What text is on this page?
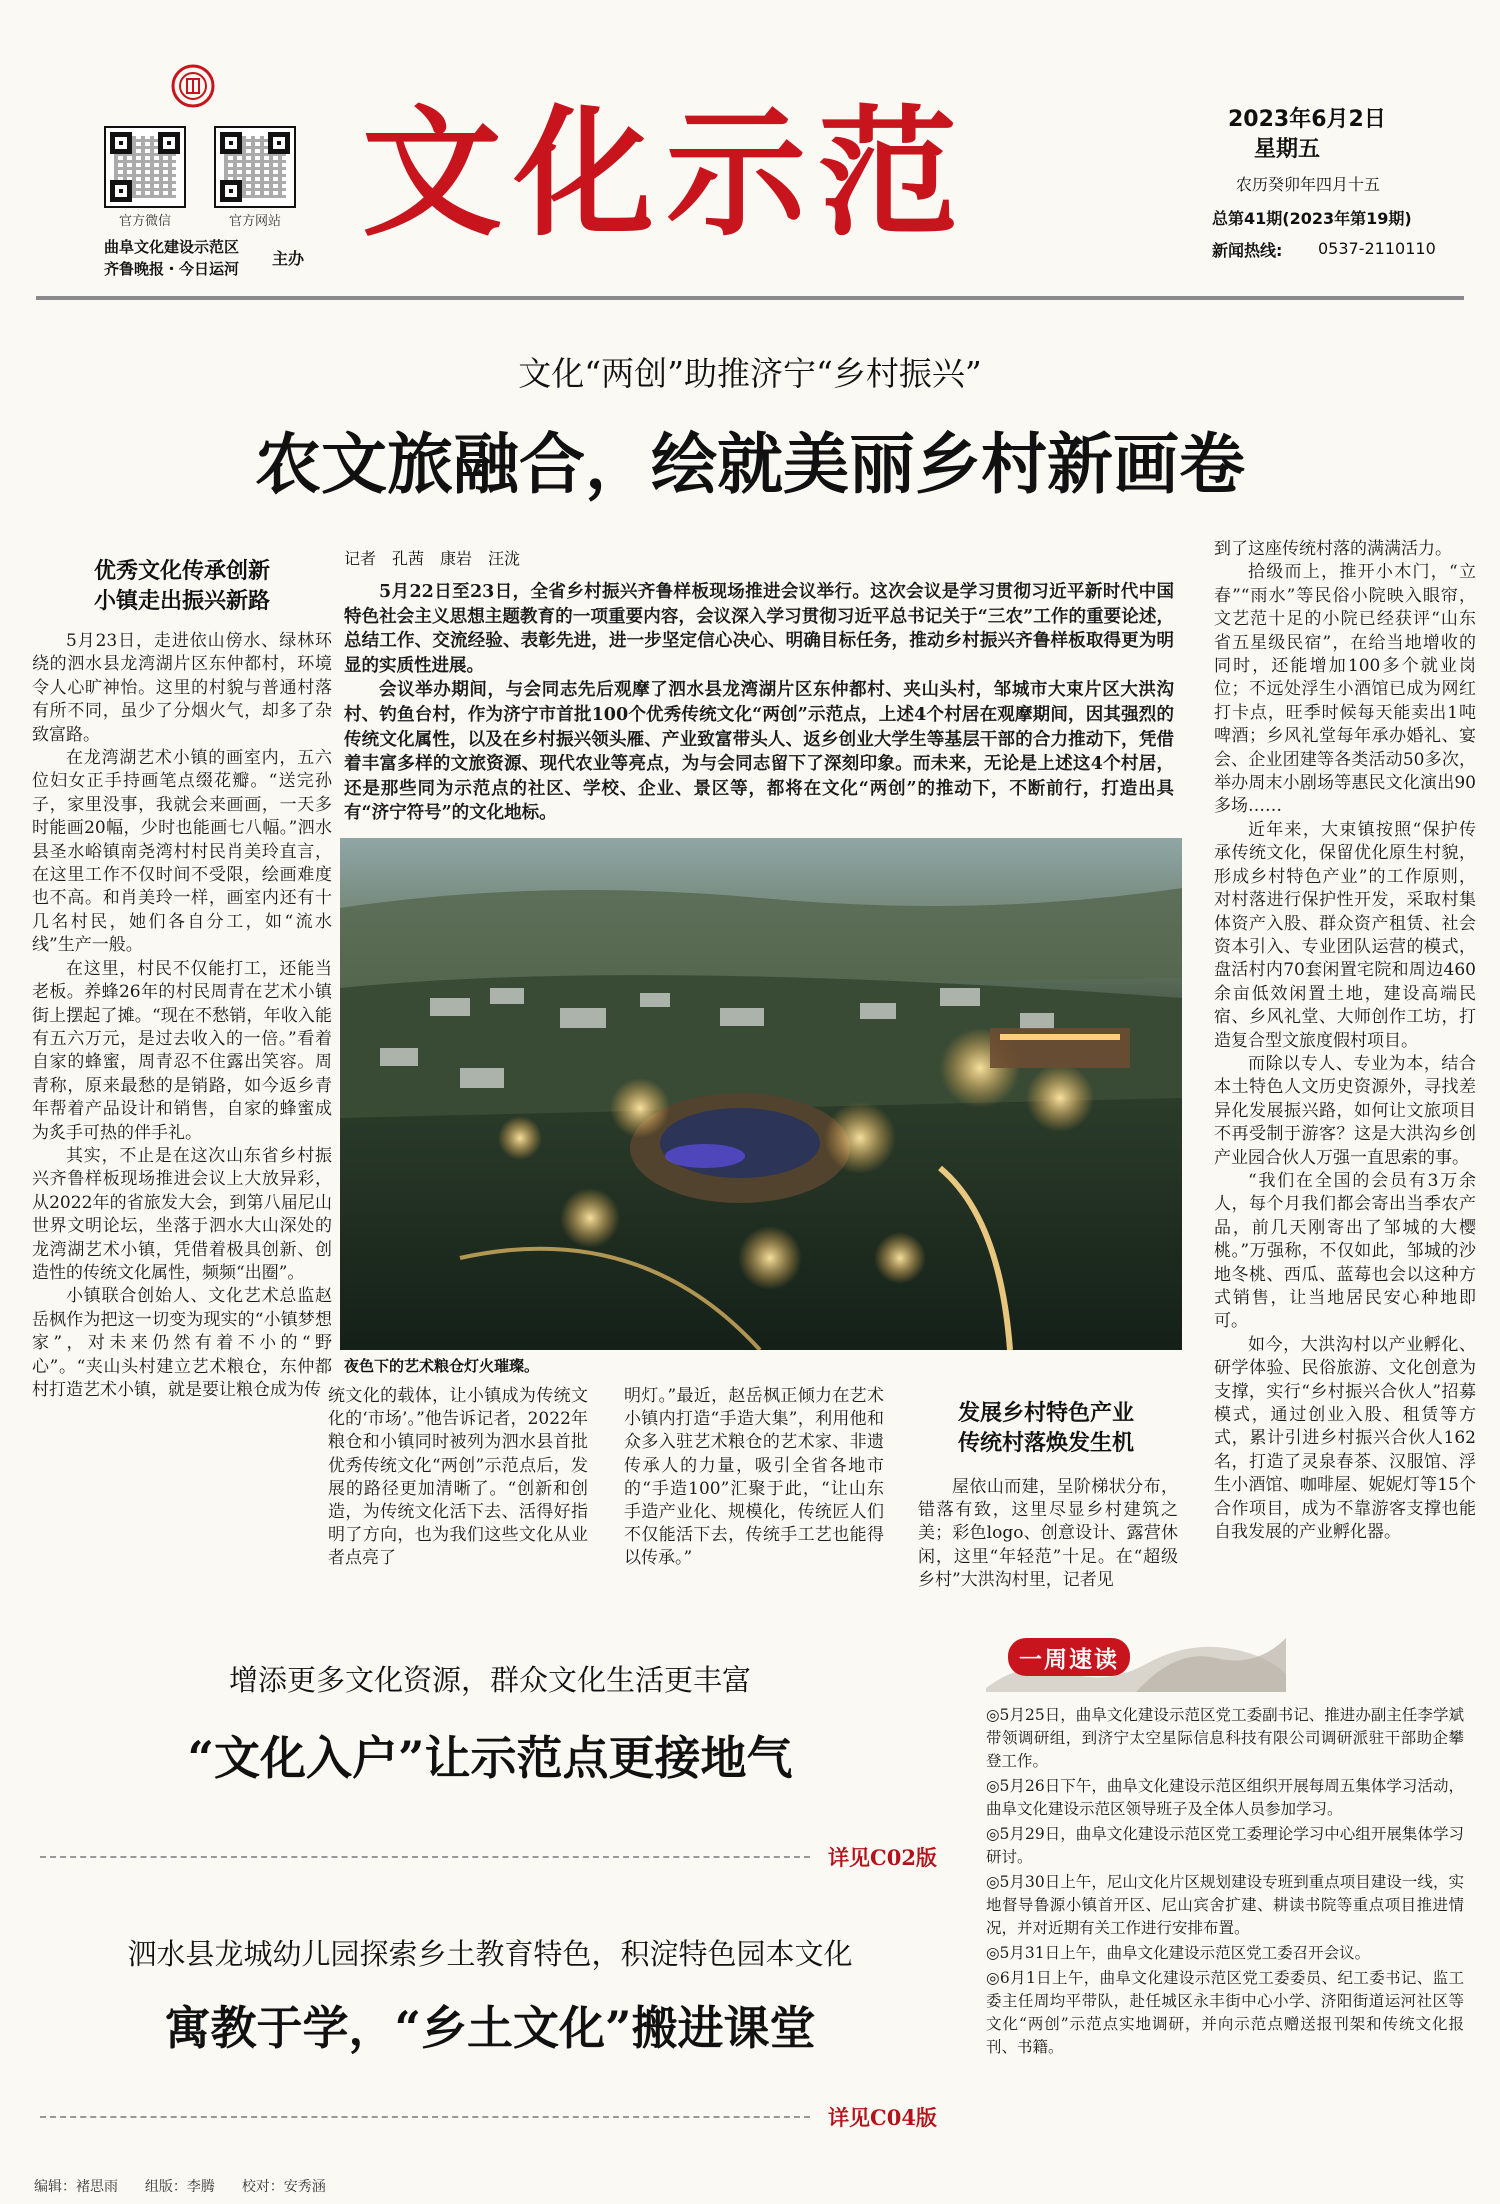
官方微信	官方网站
曲阜文化建设示范区
齐鲁晚报・今日运河
主办
文化示范	2023年6月2日
星期五
农历癸卯年四月十五
总第41期(2023年第19期)
新闻热线: 0537-2110110
文化“两创”助推济宁“乡村振兴”
农文旅融合，绘就美丽乡村新画卷
优秀文化传承创新
小镇走出振兴新路

5月23日，走进依山傍水、绿林环绕的泗水县龙湾湖片区东仲都村，环境令人心旷神怡。这里的村貌与普通村落有所不同，虽少了分烟火气，却多了杂致富路。

在龙湾湖艺术小镇的画室内，五六位妇女正手持画笔点缀花瓣。“送完孙子，家里没事，我就会来画画，一天多时能画20幅，少时也能画七八幅。”泗水县圣水峪镇南尧湾村村民肖美玲直言，在这里工作不仅时间不受限，绘画难度也不高。和肖美玲一样，画室内还有十几名村民，她们各自分工，如“流水线”生产一般。

在这里，村民不仅能打工，还能当老板。养蜂26年的村民周青在艺术小镇街上摆起了摊。“现在不愁销，年收入能有五六万元，是过去收入的一倍。”看着自家的蜂蜜，周青忍不住露出笑容。周青称，原来最愁的是销路，如今返乡青年帮着产品设计和销售，自家的蜂蜜成为炙手可热的伴手礼。

其实，不止是在这次山东省乡村振兴齐鲁样板现场推进会议上大放异彩，从2022年的省旅发大会，到第八届尼山世界文明论坛，坐落于泗水大山深处的龙湾湖艺术小镇，凭借着极具创新、创造性的传统文化属性，频频“出圈”。

小镇联合创始人、文化艺术总监赵岳枫作为把这一切变为现实的“小镇梦想家”，对未来仍然有着不小的“野心”。“夹山头村建立艺术粮仓，东仲都村打造艺术小镇，就是要让粮仓成为传

记者　孔茜　康岩　汪泷

5月22日至23日，全省乡村振兴齐鲁样板现场推进会议举行。这次会议是学习贯彻习近平新时代中国特色社会主义思想主题教育的一项重要内容，会议深入学习贯彻习近平总书记关于“三农”工作的重要论述，总结工作、交流经验、表彰先进，进一步坚定信心决心、明确目标任务，推动乡村振兴齐鲁样板取得更为明显的实质性进展。

会议举办期间，与会同志先后观摩了泗水县龙湾湖片区东仲都村、夹山头村，邹城市大束片区大洪沟村、钓鱼台村，作为济宁市首批100个优秀传统文化“两创”示范点，上述4个村居在观摩期间，因其强烈的传统文化属性，以及在乡村振兴领头雁、产业致富带头人、返乡创业大学生等基层干部的合力推动下，凭借着丰富多样的文旅资源、现代农业等亮点，为与会同志留下了深刻印象。而未来，无论是上述这4个村居，还是那些同为示范点的社区、学校、企业、景区等，都将在文化“两创”的推动下，不断前行，打造出具有“济宁符号”的文化地标。

夜色下的艺术粮仓灯火璀璨。

统文化的载体，让小镇成为传统文化的‘市场’。”他告诉记者，2022年粮仓和小镇同时被列为泗水县首批优秀传统文化“两创”示范点后，发展的路径更加清晰了。“创新和创造，为传统文化活下去、活得好指明了方向，也为我们这些文化从业者点亮了

明灯。”最近，赵岳枫正倾力在艺术小镇内打造“手造大集”，利用他和众多入驻艺术粮仓的艺术家、非遗传承人的力量，吸引全省各地市的“手造100”汇聚于此，“让山东手造产业化、规模化，传统匠人们不仅能活下去，传统手工艺也能得以传承。”

发展乡村特色产业
传统村落焕发生机

屋依山而建，呈阶梯状分布，错落有致，这里尽显乡村建筑之美；彩色logo、创意设计、露营休闲，这里“年轻范”十足。在“超级乡村”大洪沟村里，记者见

到了这座传统村落的满满活力。

拾级而上，推开小木门，“立春”“雨水”等民俗小院映入眼帘，文艺范十足的小院已经获评“山东省五星级民宿”，在给当地增收的同时，还能增加100多个就业岗位；不远处浮生小酒馆已成为网红打卡点，旺季时候每天能卖出1吨啤酒；乡风礼堂每年承办婚礼、宴会、企业团建等各类活动50多次，举办周末小剧场等惠民文化演出90多场……

近年来，大束镇按照“保护传承传统文化，保留优化原生村貌，形成乡村特色产业”的工作原则，对村落进行保护性开发，采取村集体资产入股、群众资产租赁、社会资本引入、专业团队运营的模式，盘活村内70套闲置宅院和周边460余亩低效闲置土地，建设高端民宿、乡风礼堂、大师创作工坊，打造复合型文旅度假村项目。

而除以专人、专业为本，结合本土特色人文历史资源外，寻找差异化发展振兴路，如何让文旅项目不再受制于游客？这是大洪沟乡创产业园合伙人万强一直思索的事。

“我们在全国的会员有3万余人，每个月我们都会寄出当季农产品，前几天刚寄出了邹城的大樱桃。”万强称，不仅如此，邹城的沙地冬桃、西瓜、蓝莓也会以这种方式销售，让当地居民安心种地即可。

如今，大洪沟村以产业孵化、研学体验、民俗旅游、文化创意为支撑，实行“乡村振兴合伙人”招募模式，通过创业入股、租赁等方式，累计引进乡村振兴合伙人162名，打造了灵泉春茶、汉服馆、浮生小酒馆、咖啡屋、妮妮灯等15个合作项目，成为不靠游客支撑也能自我发展的产业孵化器。

增添更多文化资源，群众文化生活更丰富
“文化入户”让示范点更接地气
详见C02版
泗水县龙城幼儿园探索乡土教育特色，积淀特色园本文化
寓教于学，“乡土文化”搬进课堂
详见C04版
一周速读

◎5月25日，曲阜文化建设示范区党工委副书记、推进办副主任李学斌带领调研组，到济宁太空星际信息科技有限公司调研派驻干部助企攀登工作。

◎5月26日下午，曲阜文化建设示范区组织开展每周五集体学习活动，曲阜文化建设示范区领导班子及全体人员参加学习。

◎5月29日，曲阜文化建设示范区党工委理论学习中心组开展集体学习研讨。

◎5月30日上午，尼山文化片区规划建设专班到重点项目建设一线，实地督导鲁源小镇首开区、尼山宾舍扩建、耕读书院等重点项目推进情况，并对近期有关工作进行安排布置。

◎5月31日上午，曲阜文化建设示范区党工委召开会议。

◎6月1日上午，曲阜文化建设示范区党工委委员、纪工委书记、监工委主任周均平带队，赴任城区永丰街中心小学、济阳街道运河社区等文化“两创”示范点实地调研，并向示范点赠送报刊架和传统文化报刊、书籍。

编辑：褚思雨 组版：李腾 校对：安秀涵
